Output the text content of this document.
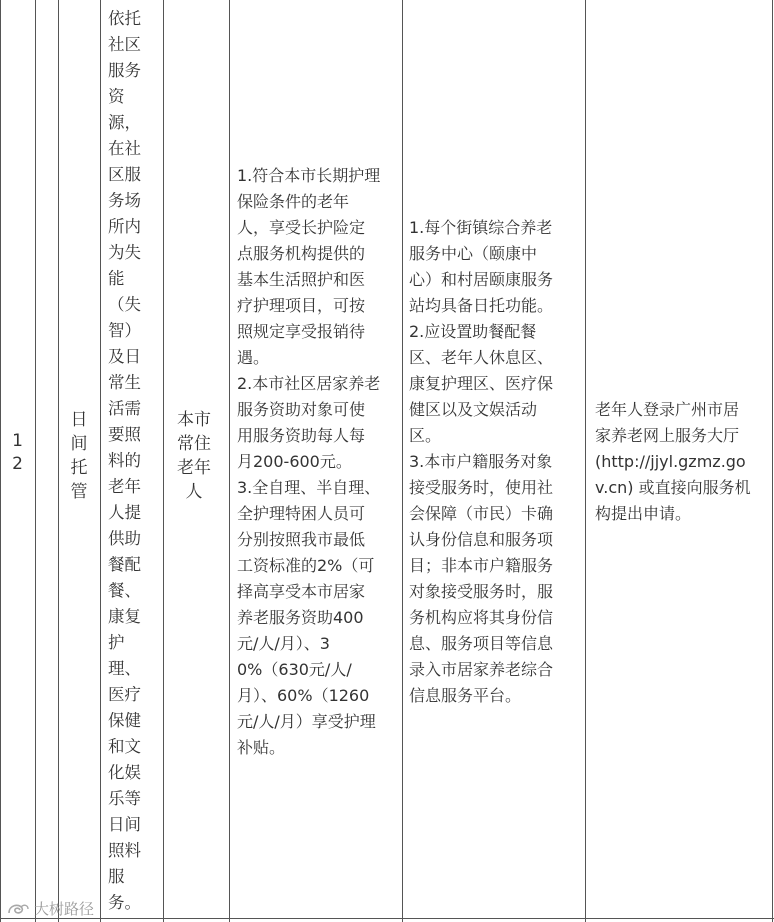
1
2
日
间
托
管
依托
社区
服务
资
源，
在社
区服
务场
所内
为失
能
（失
智）
及日
常生
活需
要照
料的
老年
人提
供助
餐配
餐、
康复
护
理、
医疗
保健
和文
化娱
乐等
日间
照料
服
务。
本市
常住
老年
人
1.符合本市长期护理
保险条件的老年
人，享受长护险定
点服务机构提供的
基本生活照护和医
疗护理项目，可按
照规定享受报销待
遇。
2.本市社区居家养老
服务资助对象可使
用服务资助每人每
月200-600元。
3.全自理、半自理、
全护理特困人员可
分别按照我市最低
工资标准的2%（可
择高享受本市居家
养老服务资助400
元/人/月）、3
0%（630元/人/
月）、60%（1260
元/人/月）享受护理
补贴。
1.每个街镇综合养老
服务中心（颐康中
心）和村居颐康服务
站均具备日托功能。
2.应设置助餐配餐
区、老年人休息区、
康复护理区、医疗保
健区以及文娱活动
区。
3.本市户籍服务对象
接受服务时，使用社
会保障（市民）卡确
认身份信息和服务项
目；非本市户籍服务
对象接受服务时，服
务机构应将其身份信
息、服务项目等信息
录入市居家养老综合
信息服务平台。
老年人登录广州市居
家养老网上服务大厅
(http://jjyl.gzmz.go
v.cn) 或直接向服务机
构提出申请。
大树路径
